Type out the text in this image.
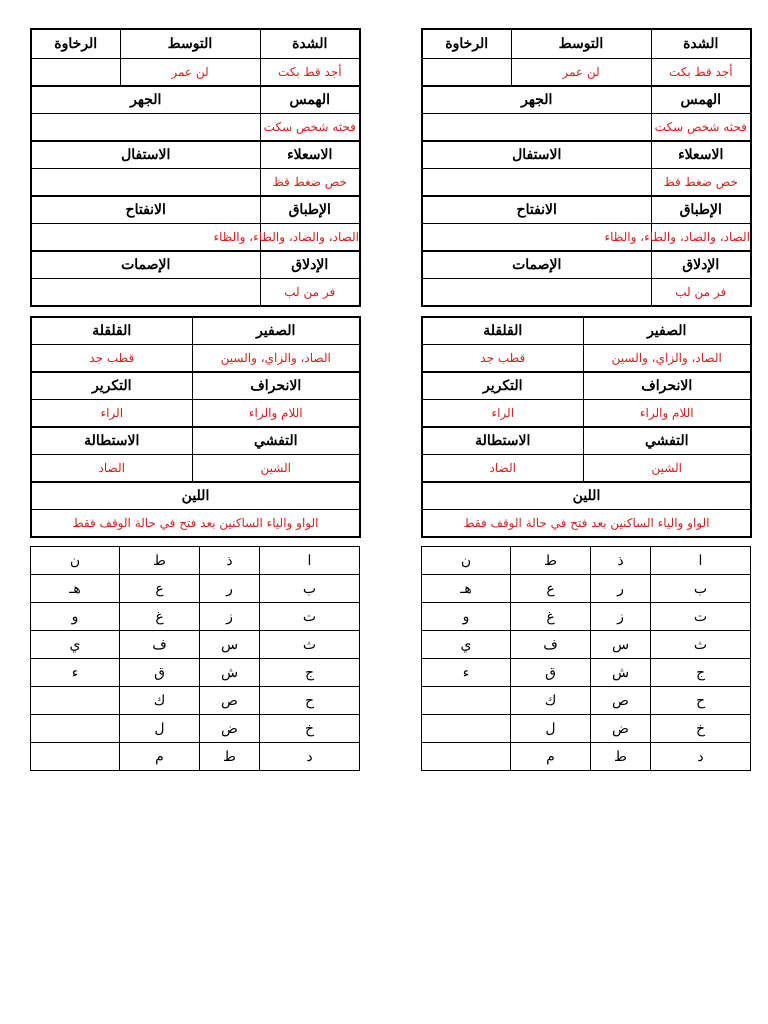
الشدة	التوسط	الرخاوة
أجد قط بكت	لن عمر	
الهمس	الجهر	
فحثه شخص سكت		
الاسعلاء	الاستفال	
خص ضغط قظ		
الإطباق	الانفتاح	
الصاد، والضاد، والطاء، والظاء		
الإدلاق	الإصمات	
فر من لب		
الصفير	القلقلة
الصاد، والزاي، والسين	قطب جد
الانحراف	التكرير
اللام والراء	الراء
التفشي	الاستطالة
الشين	الضاد
اللين	
الواو والياء الساكنين بعد فتح في حالة الوقف فقط	
ا	ذ	ط	ن
ب	ر	ع	هـ
ت	ز	غ	و
ث	س	ف	ي
ج	ش	ق	ء
ح	ص	ك	
خ	ض	ل	
د	ط	م	
الشدة	التوسط	الرخاوة
أجد قط بكت	لن عمر	
الهمس	الجهر	
فحثه شخص سكت		
الاسعلاء	الاستفال	
خص ضغط قظ		
الإطباق	الانفتاح	
الصاد، والضاد، والطاء، والظاء		
الإدلاق	الإصمات	
فر من لب		
الصفير	القلقلة
الصاد، والزاي، والسين	قطب جد
الانحراف	التكرير
اللام والراء	الراء
التفشي	الاستطالة
الشين	الضاد
اللين	
الواو والياء الساكنين بعد فتح في حالة الوقف فقط	
ا	ذ	ط	ن
ب	ر	ع	هـ
ت	ز	غ	و
ث	س	ف	ي
ج	ش	ق	ء
ح	ص	ك	
خ	ض	ل	
د	ط	م	
